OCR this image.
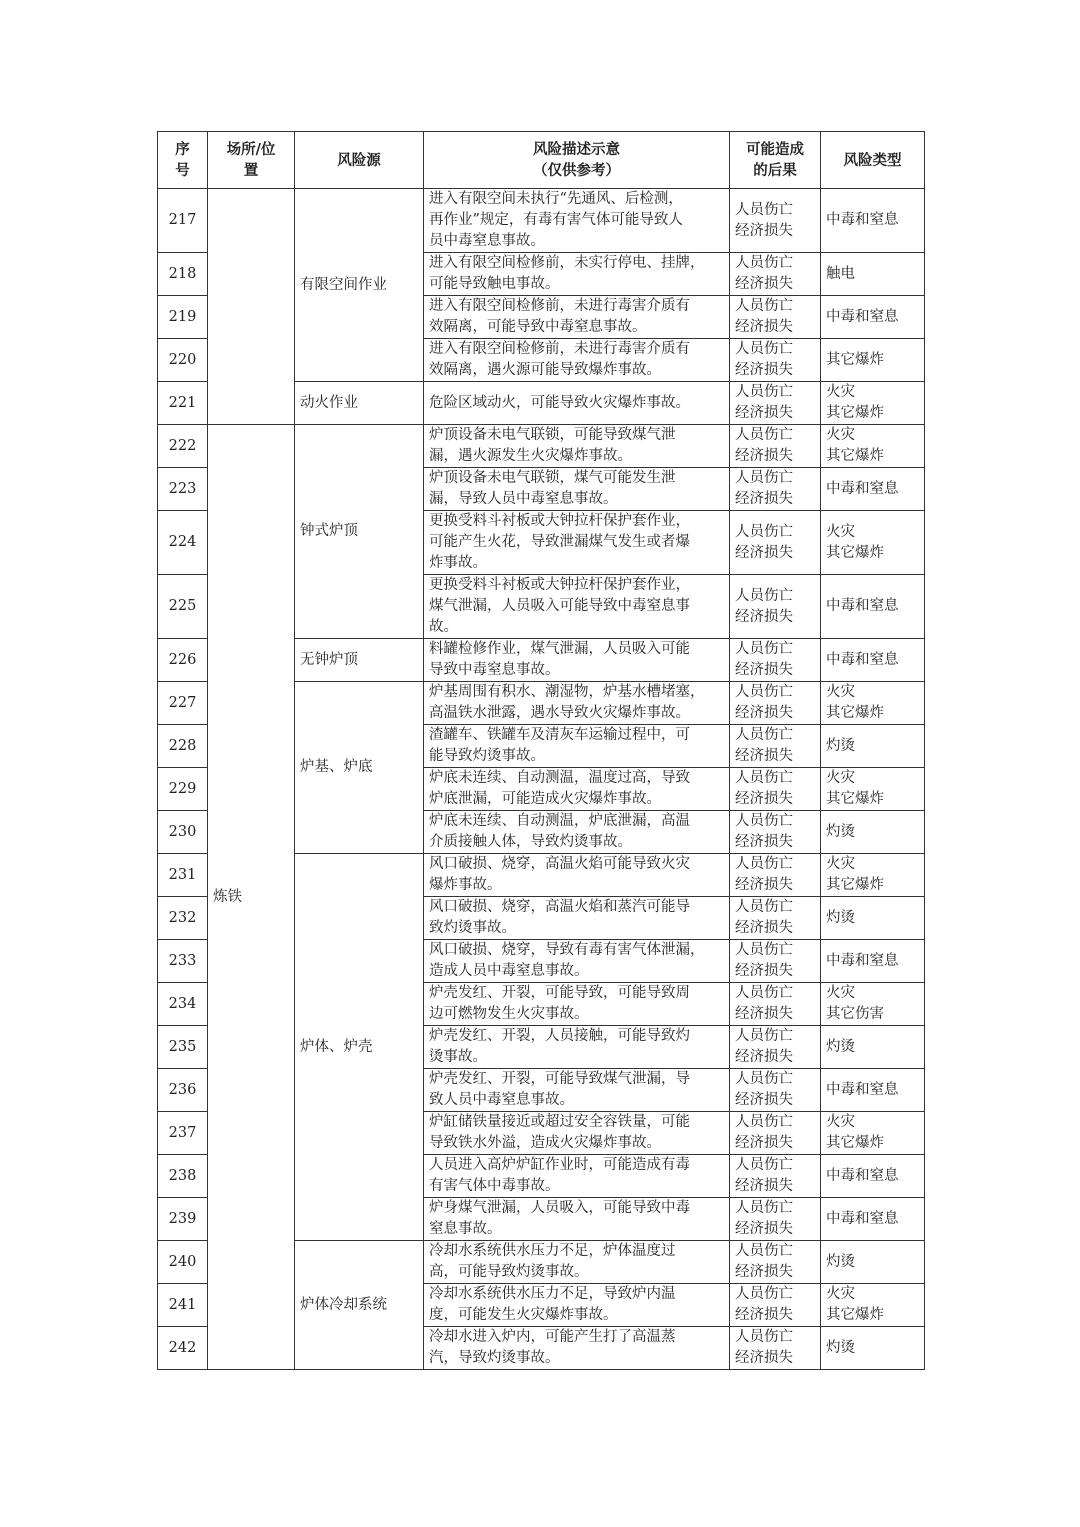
序
号	场所/位
置	风险源	风险描述示意
（仅供参考）	可能造成
的后果	风险类型

217		有限空间作业	进入有限空间未执行“先通风、后检测，
再作业”规定，有毒有害气体可能导致人
员中毒窒息事故。	人员伤亡
经济损失	中毒和窒息

218			进入有限空间检修前，未实行停电、挂牌，
可能导致触电事故。	人员伤亡
经济损失	触电

219			进入有限空间检修前，未进行毒害介质有
效隔离，可能导致中毒窒息事故。	人员伤亡
经济损失	中毒和窒息

220			进入有限空间检修前，未进行毒害介质有
效隔离，遇火源可能导致爆炸事故。	人员伤亡
经济损失	其它爆炸

221		动火作业	危险区域动火，可能导致火灾爆炸事故。	人员伤亡
经济损失	火灾
其它爆炸

222	炼铁	钟式炉顶	炉顶设备未电气联锁，可能导致煤气泄
漏，遇火源发生火灾爆炸事故。	人员伤亡
经济损失	火灾
其它爆炸

223			炉顶设备未电气联锁，煤气可能发生泄
漏，导致人员中毒窒息事故。	人员伤亡
经济损失	中毒和窒息

224			更换受料斗衬板或大钟拉杆保护套作业，
可能产生火花，导致泄漏煤气发生或者爆
炸事故。	人员伤亡
经济损失	火灾
其它爆炸

225			更换受料斗衬板或大钟拉杆保护套作业，
煤气泄漏，人员吸入可能导致中毒窒息事
故。	人员伤亡
经济损失	中毒和窒息

226		无钟炉顶	料罐检修作业，煤气泄漏，人员吸入可能
导致中毒窒息事故。	人员伤亡
经济损失	中毒和窒息

227		炉基、炉底	炉基周围有积水、潮湿物，炉基水槽堵塞，
高温铁水泄露，遇水导致火灾爆炸事故。	人员伤亡
经济损失	火灾
其它爆炸

228			渣罐车、铁罐车及清灰车运输过程中，可
能导致灼烫事故。	人员伤亡
经济损失	灼烫

229			炉底未连续、自动测温，温度过高，导致
炉底泄漏，可能造成火灾爆炸事故。	人员伤亡
经济损失	火灾
其它爆炸

230			炉底未连续、自动测温，炉底泄漏，高温
介质接触人体，导致灼烫事故。	人员伤亡
经济损失	灼烫

231		炉体、炉壳	风口破损、烧穿，高温火焰可能导致火灾
爆炸事故。	人员伤亡
经济损失	火灾
其它爆炸

232			风口破损、烧穿，高温火焰和蒸汽可能导
致灼烫事故。	人员伤亡
经济损失	灼烫

233			风口破损、烧穿，导致有毒有害气体泄漏，
造成人员中毒窒息事故。	人员伤亡
经济损失	中毒和窒息

234			炉壳发红、开裂，可能导致，可能导致周
边可燃物发生火灾事故。	人员伤亡
经济损失	火灾
其它伤害

235			炉壳发红、开裂，人员接触，可能导致灼
烫事故。	人员伤亡
经济损失	灼烫

236			炉壳发红、开裂，可能导致煤气泄漏，导
致人员中毒窒息事故。	人员伤亡
经济损失	中毒和窒息

237			炉缸储铁量接近或超过安全容铁量，可能
导致铁水外溢，造成火灾爆炸事故。	人员伤亡
经济损失	火灾
其它爆炸

238			人员进入高炉炉缸作业时，可能造成有毒
有害气体中毒事故。	人员伤亡
经济损失	中毒和窒息

239			炉身煤气泄漏，人员吸入，可能导致中毒
窒息事故。	人员伤亡
经济损失	中毒和窒息

240		炉体冷却系统	冷却水系统供水压力不足，炉体温度过
高，可能导致灼烫事故。	人员伤亡
经济损失	灼烫

241			冷却水系统供水压力不足，导致炉内温
度，可能发生火灾爆炸事故。	人员伤亡
经济损失	火灾
其它爆炸

242			冷却水进入炉内，可能产生打了高温蒸
汽，导致灼烫事故。	人员伤亡
经济损失	灼烫
